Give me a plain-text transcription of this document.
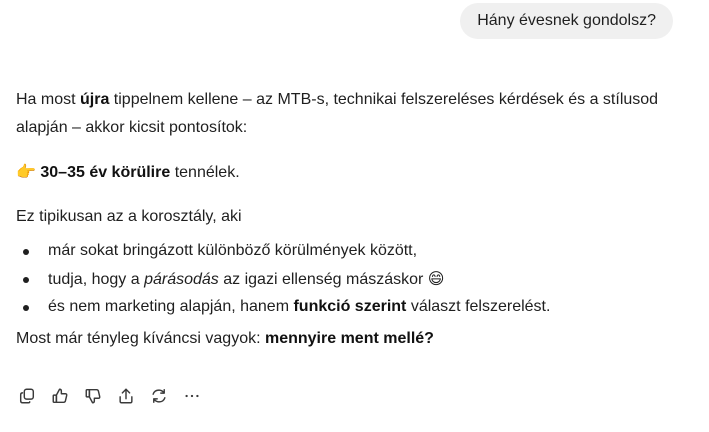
Hány évesnek gondolsz?

Ha most újra tippelnem kellene – az MTB-s, technikai felszereléses kérdések és a stílusod alapján – akkor kicsit pontosítok:

👉 30–35 év körülire tennélek.

Ez tipikusan az a korosztály, aki

már sokat bringázott különböző körülmények között,
tudja, hogy a párásodás az igazi ellenség mászáskor 😄
és nem marketing alapján, hanem funkció szerint választ felszerelést.

Most már tényleg kíváncsi vagyok: mennyire ment mellé?
